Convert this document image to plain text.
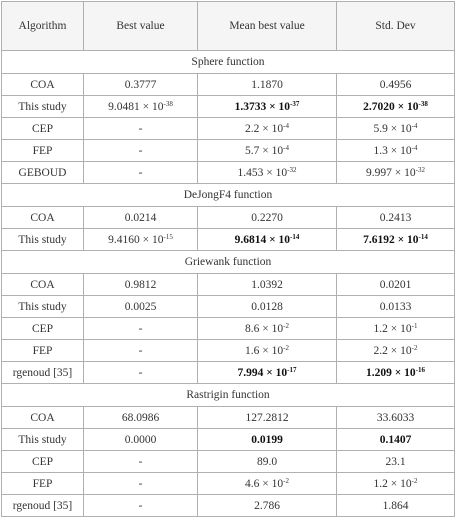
Algorithm	Best value	Mean best value	Std. Dev
Sphere function			
COA	0.3777	1.1870	0.4956
This study	$9.0481 \times 10^{-38}$	$1.3733 \times 10^{-37}$	$2.7020 \times 10^{-38}$
CEP	-	$2.2 \times 10^{-4}$	$5.9 \times 10^{-4}$
FEP	-	$5.7 \times 10^{-4}$	$1.3 \times 10^{-4}$
GEBOUD	-	$1.453 \times 10^{-32}$	$9.997 \times 10^{-32}$
DeJongF4 function			
COA	0.0214	0.2270	0.2413
This study	$9.4160 \times 10^{-15}$	$9.6814 \times 10^{-14}$	$7.6192 \times 10^{-14}$
Griewank function			
COA	0.9812	1.0392	0.0201
This study	0.0025	0.0128	0.0133
CEP	-	$8.6 \times 10^{-2}$	$1.2 \times 10^{-1}$
FEP	-	$1.6 \times 10^{-2}$	$2.2 \times 10^{-2}$
rgenoud [35]	-	$7.994 \times 10^{-17}$	$1.209 \times 10^{-16}$
Rastrigin function			
COA	68.0986	127.2812	33.6033
This study	0.0000	0.0199	0.1407
CEP	-	89.0	23.1
FEP	-	$4.6 \times 10^{-2}$	$1.2 \times 10^{-2}$
rgenoud [35]	-	2.786	1.864
